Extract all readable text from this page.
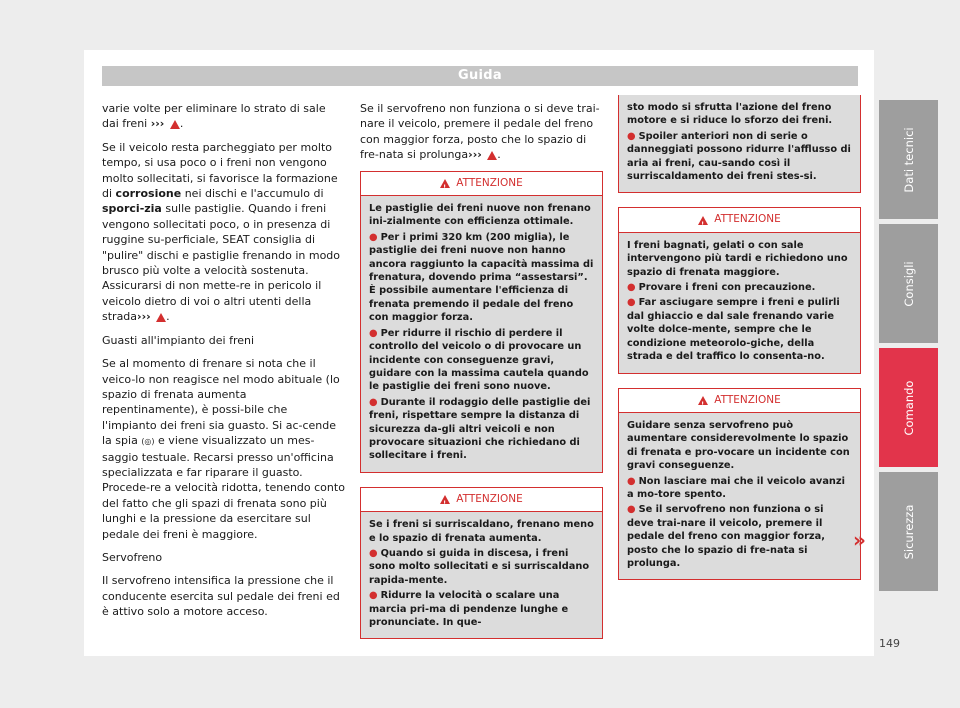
Guida

varie volte per eliminare lo strato di sale dai freni ››› .

Se il veicolo resta parcheggiato per molto tempo, si usa poco o i freni non vengono molto sollecitati, si favorisce la formazione di corrosione nei dischi e l'accumulo di sporci-zia sulle pastiglie. Quando i freni vengono sollecitati poco, o in presenza di ruggine su-perficiale, SEAT consiglia di "pulire" dischi e pastiglie frenando in modo brusco più volte a velocità sostenuta. Assicurarsi di non mette-re in pericolo il veicolo dietro di voi o altri utenti della strada››› .

Guasti all'impianto dei freni

Se al momento di frenare si nota che il veico-lo non reagisce nel modo abituale (lo spazio di frenata aumenta repentinamente), è possi-bile che l'impianto dei freni sia guasto. Si ac-cende la spia (◎) e viene visualizzato un mes-saggio testuale. Recarsi presso un'officina specializzata e far riparare il guasto. Procede-re a velocità ridotta, tenendo conto del fatto che gli spazi di frenata sono più lunghi e la pressione da esercitare sul pedale dei freni è maggiore.

Servofreno

Il servofreno intensifica la pressione che il conducente esercita sul pedale dei freni ed è attivo solo a motore acceso.

Se il servofreno non funziona o si deve trai-nare il veicolo, premere il pedale del freno con maggior forza, posto che lo spazio di fre-nata si prolunga››› .

!
ATTENZIONE

Le pastiglie dei freni nuove non frenano ini-zialmente con efficienza ottimale.

● Per i primi 320 km (200 miglia), le pastiglie dei freni nuove non hanno ancora raggiunto la capacità massima di frenatura, dovendo prima “assestarsi”. È possibile aumentare l'efficienza di frenata premendo il pedale del freno con maggior forza.

● Per ridurre il rischio di perdere il controllo del veicolo o di provocare un incidente con conseguenze gravi, guidare con la massima cautela quando le pastiglie dei freni sono nuove.

● Durante il rodaggio delle pastiglie dei freni, rispettare sempre la distanza di sicurezza da-gli altri veicoli e non provocare situazioni che richiedano di sollecitare i freni.

!
ATTENZIONE

Se i freni si surriscaldano, frenano meno e lo spazio di frenata aumenta.

● Quando si guida in discesa, i freni sono molto sollecitati e si surriscaldano rapida-mente.

● Ridurre la velocità o scalare una marcia pri-ma di pendenze lunghe e pronunciate. In que-

sto modo si sfrutta l'azione del freno motore e si riduce lo sforzo dei freni.

● Spoiler anteriori non di serie o danneggiati possono ridurre l'afflusso di aria ai freni, cau-sando così il surriscaldamento dei freni stes-si.

!
ATTENZIONE

I freni bagnati, gelati o con sale intervengono più tardi e richiedono uno spazio di frenata maggiore.

● Provare i freni con precauzione.

● Far asciugare sempre i freni e pulirli dal ghiaccio e dal sale frenando varie volte dolce-mente, sempre che le condizione meteorolo-giche, della strada e del traffico lo consenta-no.

!
ATTENZIONE

Guidare senza servofreno può aumentare considerevolmente lo spazio di frenata e pro-vocare un incidente con gravi conseguenze.

● Non lasciare mai che il veicolo avanzi a mo-tore spento.

● Se il servofreno non funziona o si deve trai-nare il veicolo, premere il pedale del freno con maggior forza, posto che lo spazio di fre-nata si prolunga.

»
Dati tecnici
Consigli
Comando
Sicurezza
149
